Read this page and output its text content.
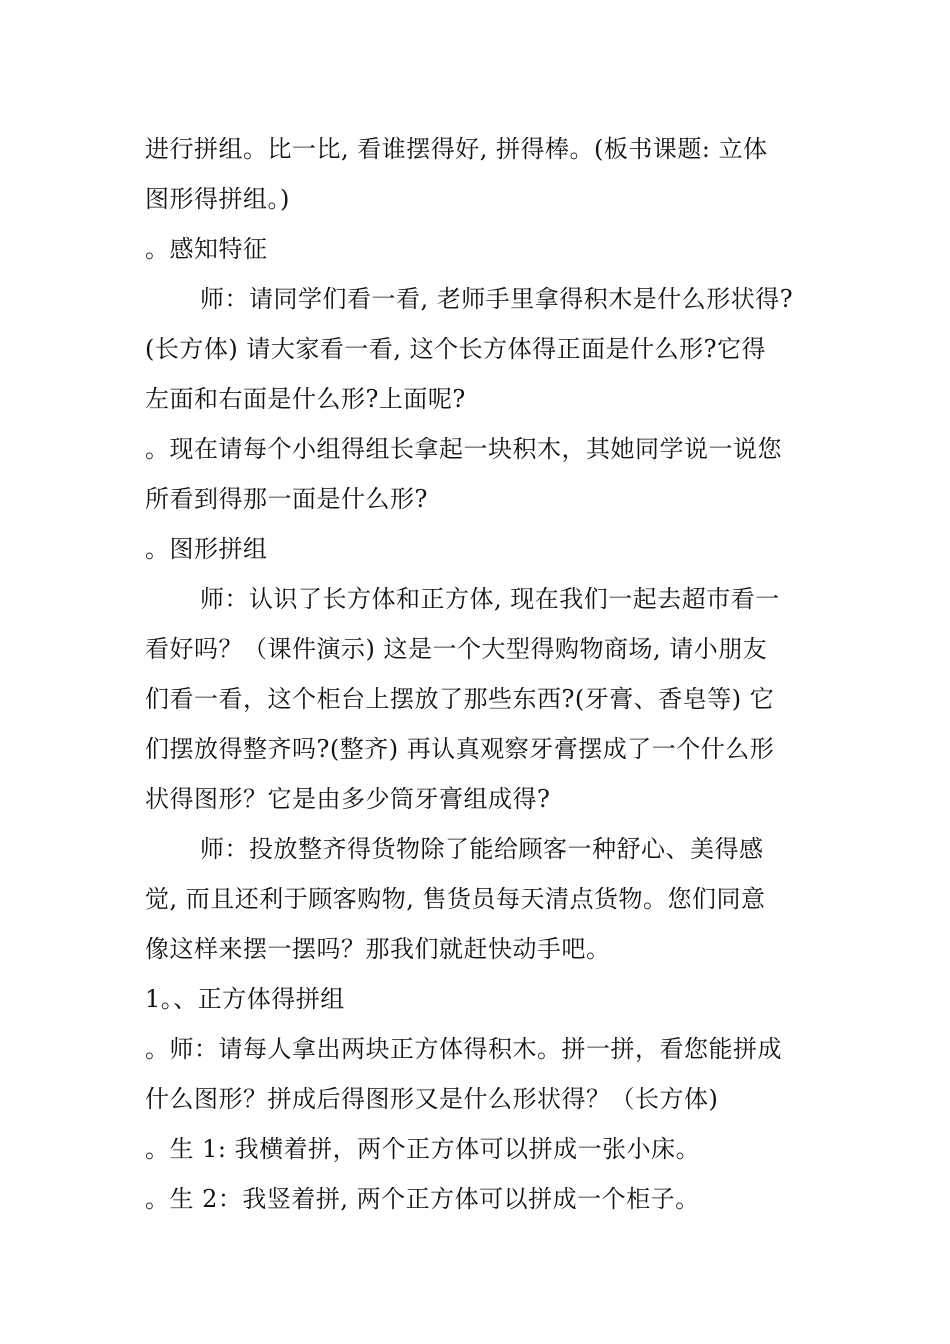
进行拼组。比一比, 看谁摆得好, 拼得棒。(板书课题: 立体
图形得拼组。)
。感知特征
师：请同学们看一看, 老师手里拿得积木是什么形状得?
(长方体) 请大家看一看, 这个长方体得正面是什么形?它得
左面和右面是什么形?上面呢?
。现在请每个小组得组长拿起一块积木，其她同学说一说您
所看到得那一面是什么形?
。图形拼组
师：认识了长方体和正方体, 现在我们一起去超巿看一
看好吗？（课件演示) 这是一个大型得购物商场, 请小朋友
们看一看，这个柜台上摆放了那些东西?(牙膏、香皂等) 它
们摆放得整齐吗?(整齐) 再认真观察牙膏摆成了一个什么形
状得图形？它是由多少筒牙膏组成得?
师：投放整齐得货物除了能给顾客一种舒心、美得感
觉, 而且还利于顾客购物, 售货员每天清点货物。您们同意
像这样来摆一摆吗？那我们就赶快动手吧。
1。、正方体得拼组
。师：请每人拿出两块正方体得积木。拼一拼，看您能拼成
什么图形？拼成后得图形又是什么形状得？（长方体)
。生 1: 我横着拼，两个正方体可以拼成一张小床。
。生 2：我竖着拼, 两个正方体可以拼成一个柜子。
